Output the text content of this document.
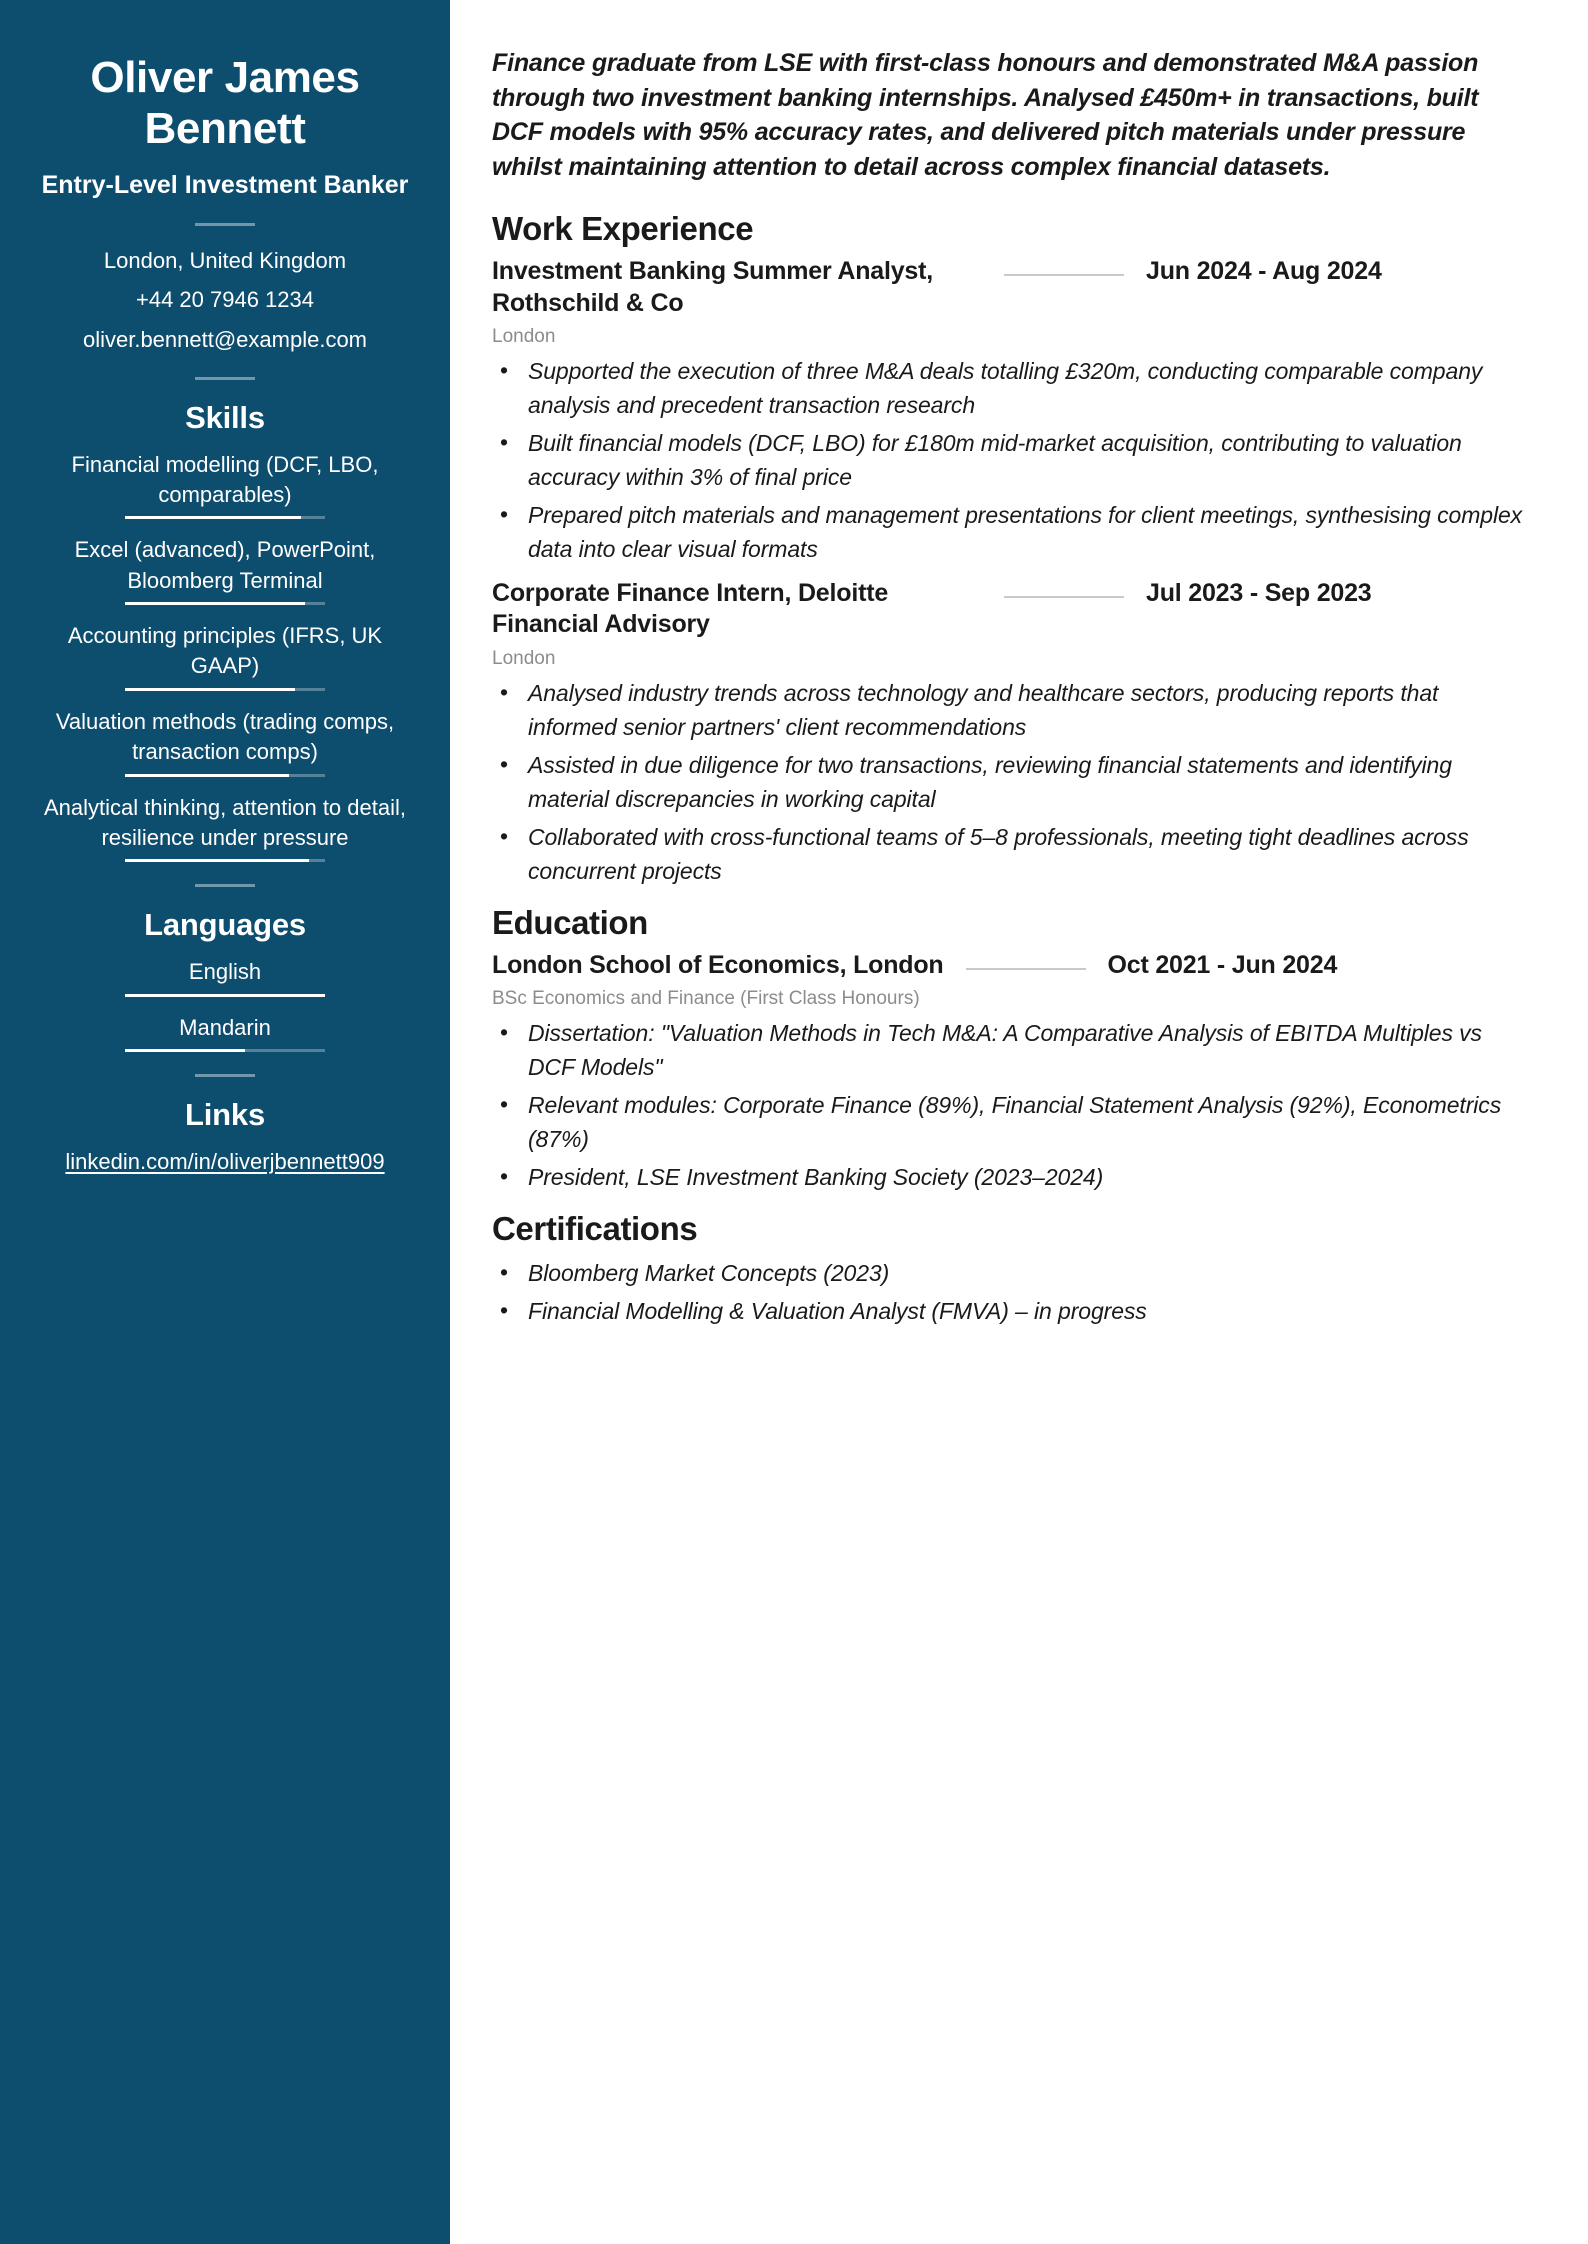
Oliver James Bennett
Entry-Level Investment Banker
London, United Kingdom
+44 20 7946 1234
oliver.bennett@example.com
Skills
Financial modelling (DCF, LBO, comparables)
Excel (advanced), PowerPoint, Bloomberg Terminal
Accounting principles (IFRS, UK GAAP)
Valuation methods (trading comps, transaction comps)
Analytical thinking, attention to detail, resilience under pressure
Languages
English
Mandarin
Links
linkedin.com/in/oliverjbennett909
Finance graduate from LSE with first-class honours and demonstrated M&A passion through two investment banking internships. Analysed £450m+ in transactions, built DCF models with 95% accuracy rates, and delivered pitch materials under pressure whilst maintaining attention to detail across complex financial datasets.
Work Experience
Investment Banking Summer Analyst, Rothschild & Co
Jun 2024 - Aug 2024
London
• Supported the execution of three M&A deals totalling £320m, conducting comparable company analysis and precedent transaction research
• Built financial models (DCF, LBO) for £180m mid-market acquisition, contributing to valuation accuracy within 3% of final price
• Prepared pitch materials and management presentations for client meetings, synthesising complex data into clear visual formats
Corporate Finance Intern, Deloitte Financial Advisory
Jul 2023 - Sep 2023
London
• Analysed industry trends across technology and healthcare sectors, producing reports that informed senior partners' client recommendations
• Assisted in due diligence for two transactions, reviewing financial statements and identifying material discrepancies in working capital
• Collaborated with cross-functional teams of 5–8 professionals, meeting tight deadlines across concurrent projects
Education
London School of Economics, London	Oct 2021 - Jun 2024
BSc Economics and Finance (First Class Honours)
• Dissertation: "Valuation Methods in Tech M&A: A Comparative Analysis of EBITDA Multiples vs DCF Models"
• Relevant modules: Corporate Finance (89%), Financial Statement Analysis (92%), Econometrics (87%)
• President, LSE Investment Banking Society (2023–2024)
Certifications
• Bloomberg Market Concepts (2023)
• Financial Modelling & Valuation Analyst (FMVA) – in progress
